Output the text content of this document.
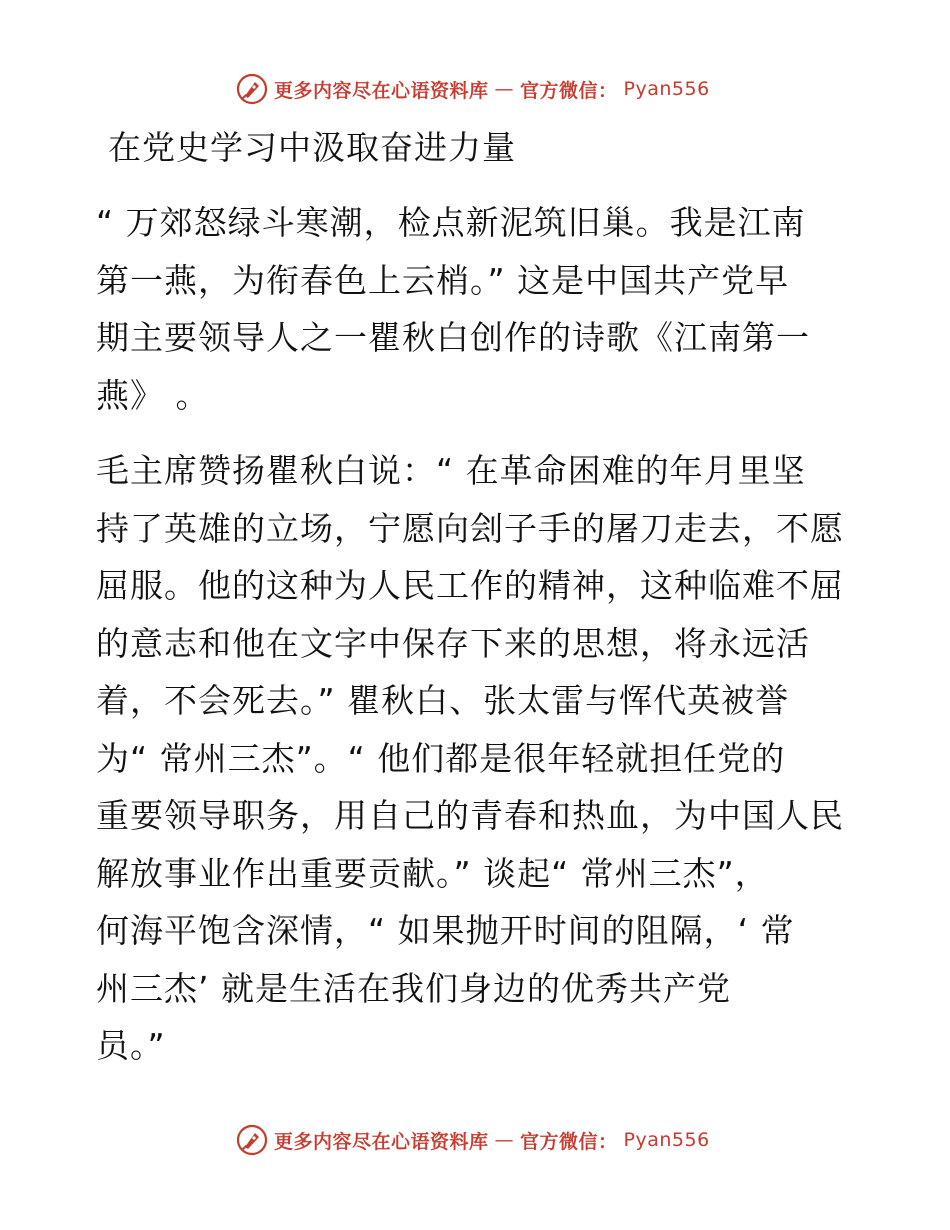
更多内容尽在心语资料库 — 官方微信： Pyan556
在党史学习中汲取奋进力量
“ 万郊怒绿斗寒潮，检点新泥筑旧巢。我是江南
第一燕，为衔春色上云梢。” 这是中国共产党早
期主要领导人之一瞿秋白创作的诗歌《江南第一
燕》 。
毛主席赞扬瞿秋白说：“ 在革命困难的年月里坚
持了英雄的立场，宁愿向刽子手的屠刀走去，不愿
屈服。他的这种为人民工作的精神，这种临难不屈
的意志和他在文字中保存下来的思想，将永远活
着，不会死去。” 瞿秋白、张太雷与恽代英被誉
为“ 常州三杰”。“ 他们都是很年轻就担任党的
重要领导职务，用自己的青春和热血，为中国人民
解放事业作出重要贡献。” 谈起“ 常州三杰”，
何海平饱含深情，“ 如果抛开时间的阻隔，‘ 常
州三杰’ 就是生活在我们身边的优秀共产党
员。”
更多内容尽在心语资料库 — 官方微信： Pyan556
